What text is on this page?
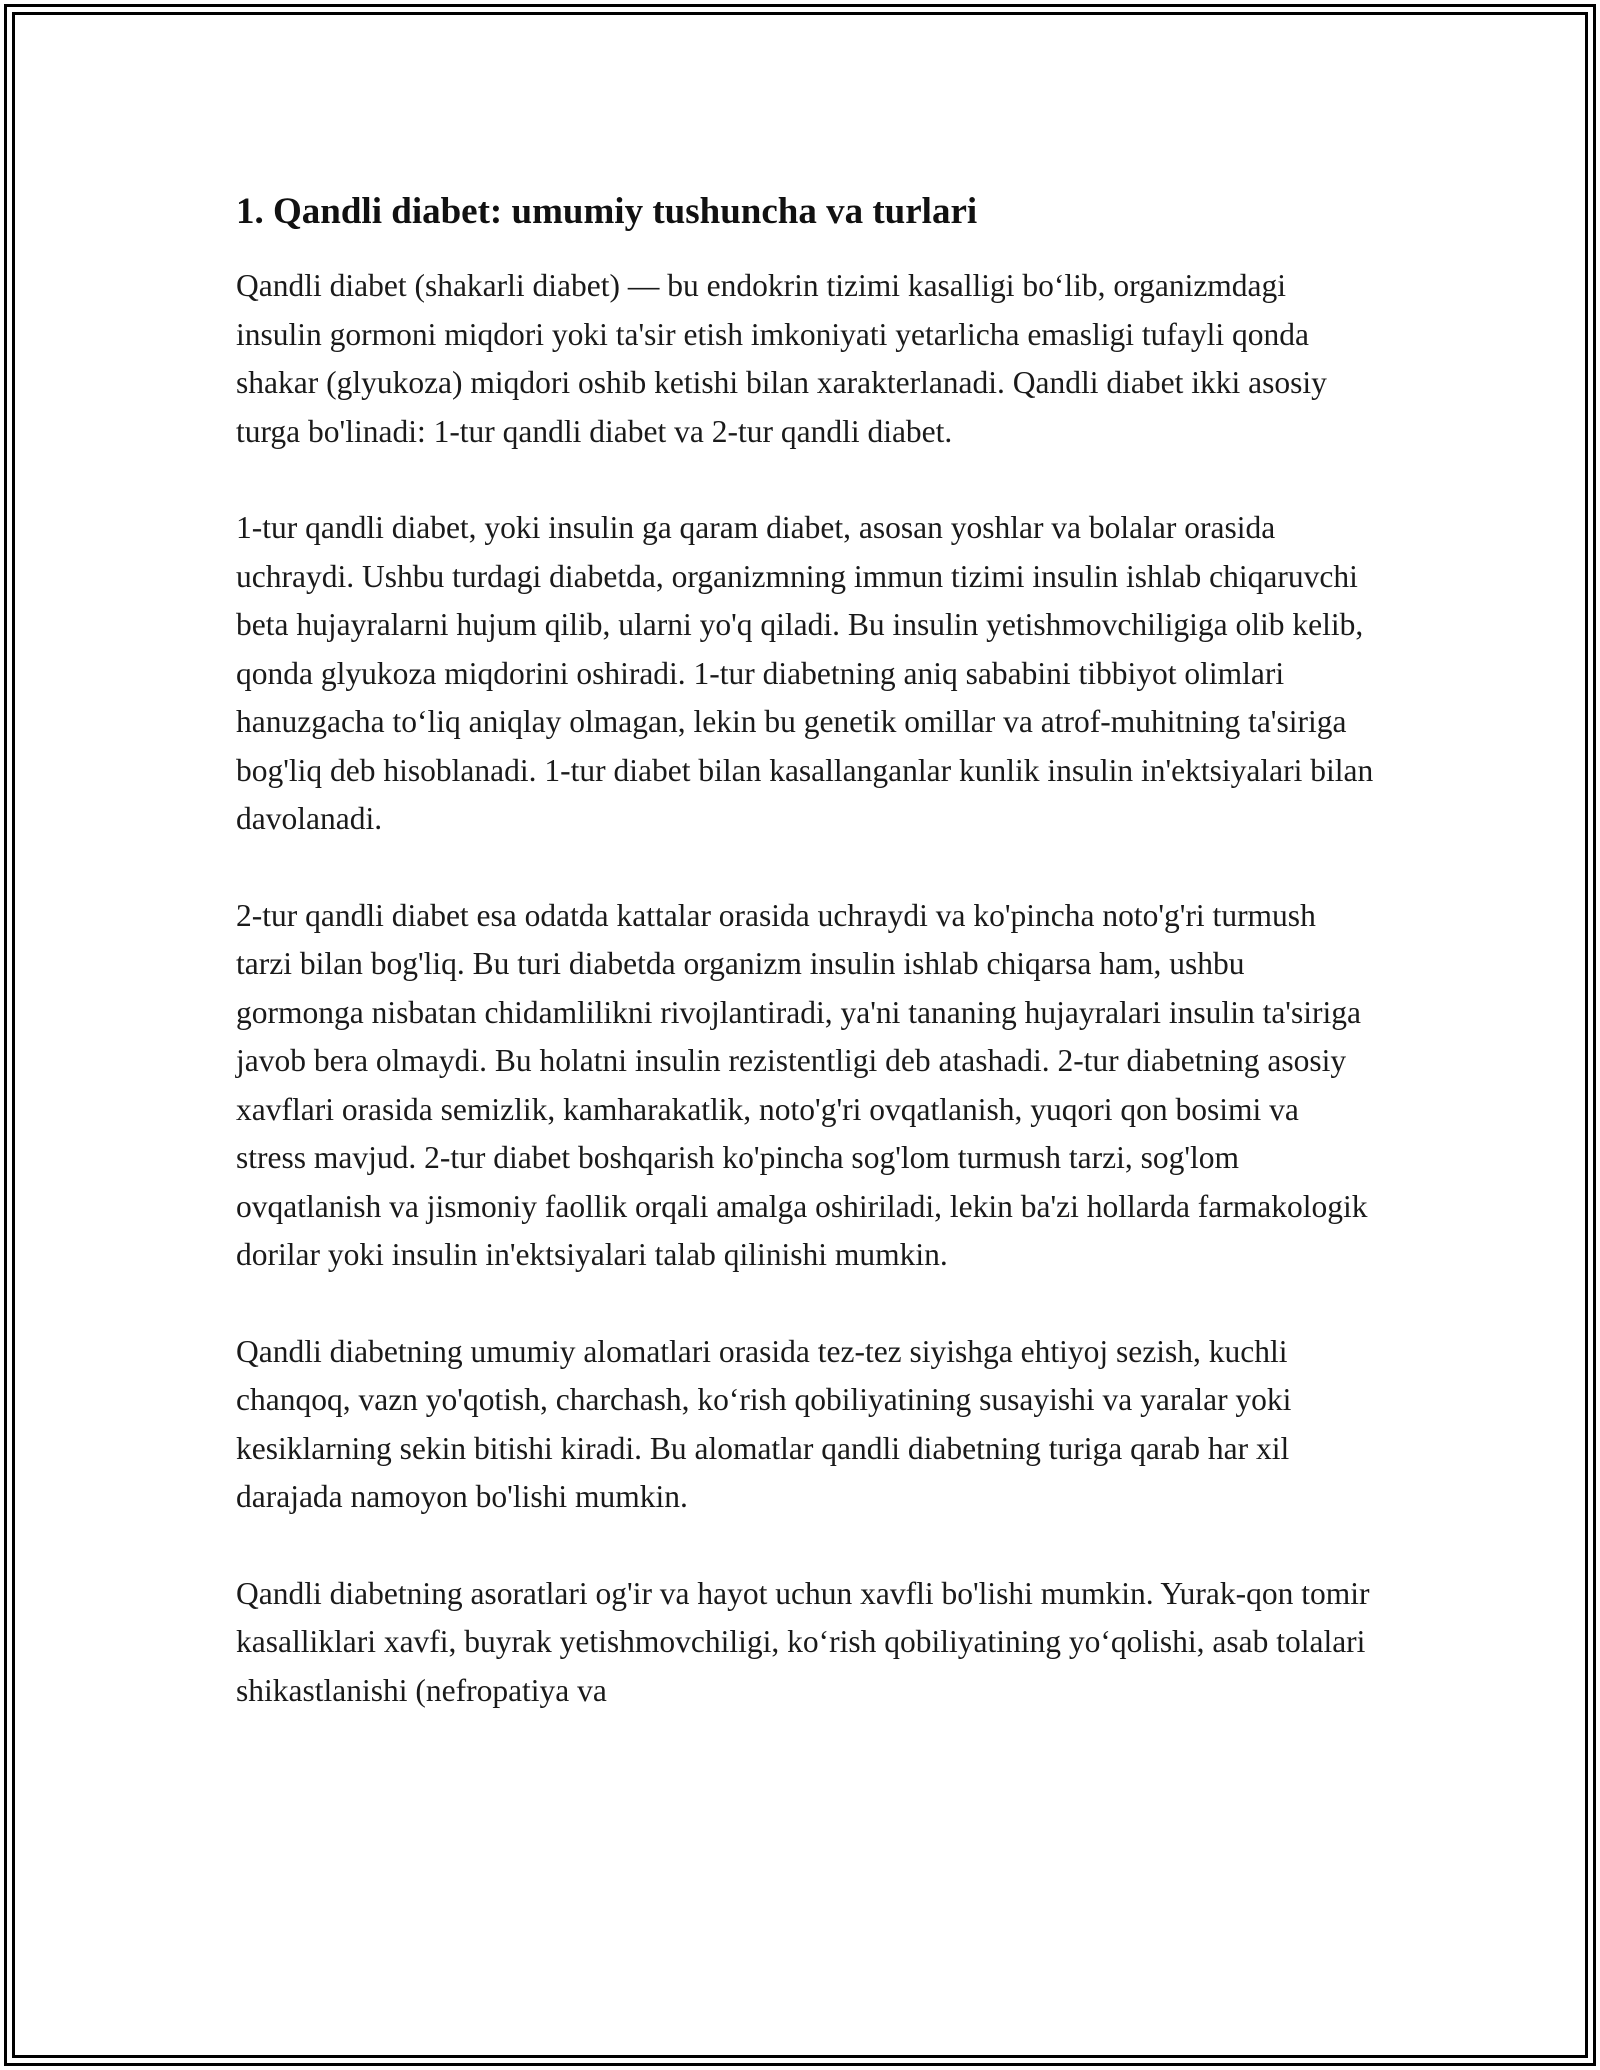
1. Qandli diabet: umumiy tushuncha va turlari

Qandli diabet (shakarli diabet) — bu endokrin tizimi kasalligi bo‘lib, organizmdagi insulin gormoni miqdori yoki ta'sir etish imkoniyati yetarlicha emasligi tufayli qonda shakar (glyukoza) miqdori oshib ketishi bilan xarakterlanadi. Qandli diabet ikki asosiy turga bo'linadi: 1-tur qandli diabet va 2-tur qandli diabet.

1-tur qandli diabet, yoki insulin ga qaram diabet, asosan yoshlar va bolalar orasida uchraydi. Ushbu turdagi diabetda, organizmning immun tizimi insulin ishlab chiqaruvchi beta hujayralarni hujum qilib, ularni yo'q qiladi. Bu insulin yetishmovchiligiga olib kelib, qonda glyukoza miqdorini oshiradi. 1-tur diabetning aniq sababini tibbiyot olimlari hanuzgacha to‘liq aniqlay olmagan, lekin bu genetik omillar va atrof-muhitning ta'siriga bog'liq deb hisoblanadi. 1-tur diabet bilan kasallanganlar kunlik insulin in'ektsiyalari bilan davolanadi.

2-tur qandli diabet esa odatda kattalar orasida uchraydi va ko'pincha noto'g'ri turmush tarzi bilan bog'liq. Bu turi diabetda organizm insulin ishlab chiqarsa ham, ushbu gormonga nisbatan chidamlilikni rivojlantiradi, ya'ni tananing hujayralari insulin ta'siriga javob bera olmaydi. Bu holatni insulin rezistentligi deb atashadi. 2-tur diabetning asosiy xavflari orasida semizlik, kamharakatlik, noto'g'ri ovqatlanish, yuqori qon bosimi va stress mavjud. 2-tur diabet boshqarish ko'pincha sog'lom turmush tarzi, sog'lom ovqatlanish va jismoniy faollik orqali amalga oshiriladi, lekin ba'zi hollarda farmakologik dorilar yoki insulin in'ektsiyalari talab qilinishi mumkin.

Qandli diabetning umumiy alomatlari orasida tez-tez siyishga ehtiyoj sezish, kuchli chanqoq, vazn yo'qotish, charchash, ko‘rish qobiliyatining susayishi va yaralar yoki kesiklarning sekin bitishi kiradi. Bu alomatlar qandli diabetning turiga qarab har xil darajada namoyon bo'lishi mumkin.

Qandli diabetning asoratlari og'ir va hayot uchun xavfli bo'lishi mumkin. Yurak-qon tomir kasalliklari xavfi, buyrak yetishmovchiligi, ko‘rish qobiliyatining yo‘qolishi, asab tolalari shikastlanishi (nefropatiya va
